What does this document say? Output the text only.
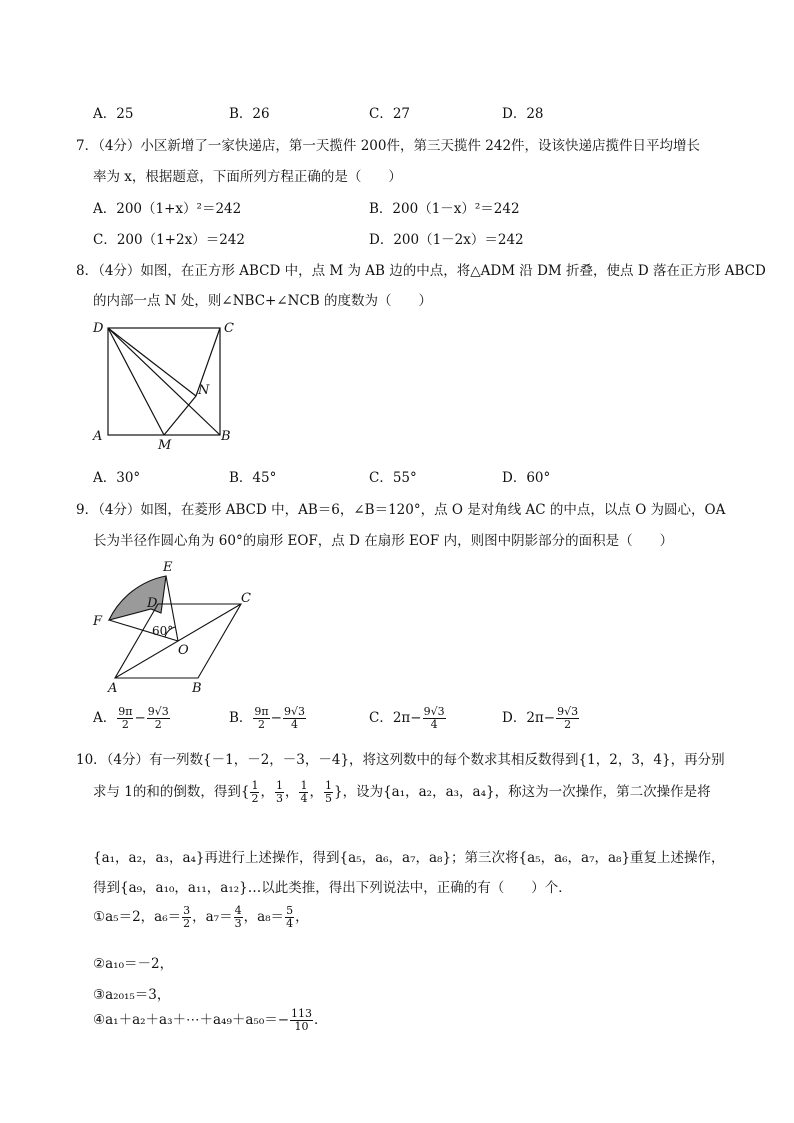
A．25	B．26	C．27	D．28
7．（4分）小区新增了一家快递店，第一天揽件 200件，第三天揽件 242件，设该快递店揽件日平均增长
率为 x，根据题意，下面所列方程正确的是（　　）
A．200（1+x）²＝242	B．200（1－x）²＝242
C．200（1+2x）＝242	D．200（1－2x）＝242
8．（4分）如图，在正方形 ABCD 中，点 M 为 AB 边的中点，将△ADM 沿 DM 折叠，使点 D 落在正方形 ABCD
的内部一点 N 处，则∠NBC+∠NCB 的度数为（　　）
D	C
A	B
M
N
A．30°	B．45°	C．55°	D．60°
9．（4分）如图，在菱形 ABCD 中，AB＝6，∠B＝120°，点 O 是对角线 AC 的中点，以点 O 为圆心，OA
长为半径作圆心角为 60°的扇形 EOF，点 D 在扇形 EOF 内，则图中阴影部分的面积是（　　）
E
F
D	C
O
A	B
60°
A． $\frac{9\pi}{2} - \frac{9√3}{2}$	B． $\frac{9\pi}{2} - \frac{9√3}{4}$	C．$2\pi- \frac{9√3}{4}$	D．$2\pi- \frac{9√3}{2}$
10．（4分）有一列数{－1，－2，－3，－4}，将这列数中的每个数求其相反数得到{1，2，3，4}，再分别
求与 1的和的倒数，得到{ $\frac{1}{2}$ ， $\frac{1}{3}$ ， $\frac{1}{4}$ ， $\frac{1}{5}$ }，设为{a₁，a₂，a₃，a₄}，称这为一次操作，第二次操作是将
{a₁，a₂，a₃，a₄}再进行上述操作，得到{a₅，a₆，a₇，a₈}；第三次将{a₅，a₆，a₇，a₈}重复上述操作，
得到{a₉，a₁₀，a₁₁，a₁₂}…以此类推，得出下列说法中，正确的有（　　）个．
①a₅＝2，$a_6= \frac{3}{2}$ ，$a_7= \frac{4}{3}$ ，$a_8= \frac{5}{4}$ ，
②a₁₀＝－2，
③a₂₀₁₅＝3，
④a₁＋a₂＋a₃＋⋯＋a₄₉＋a₅₀＝− $\frac{113}{10}$ ．
